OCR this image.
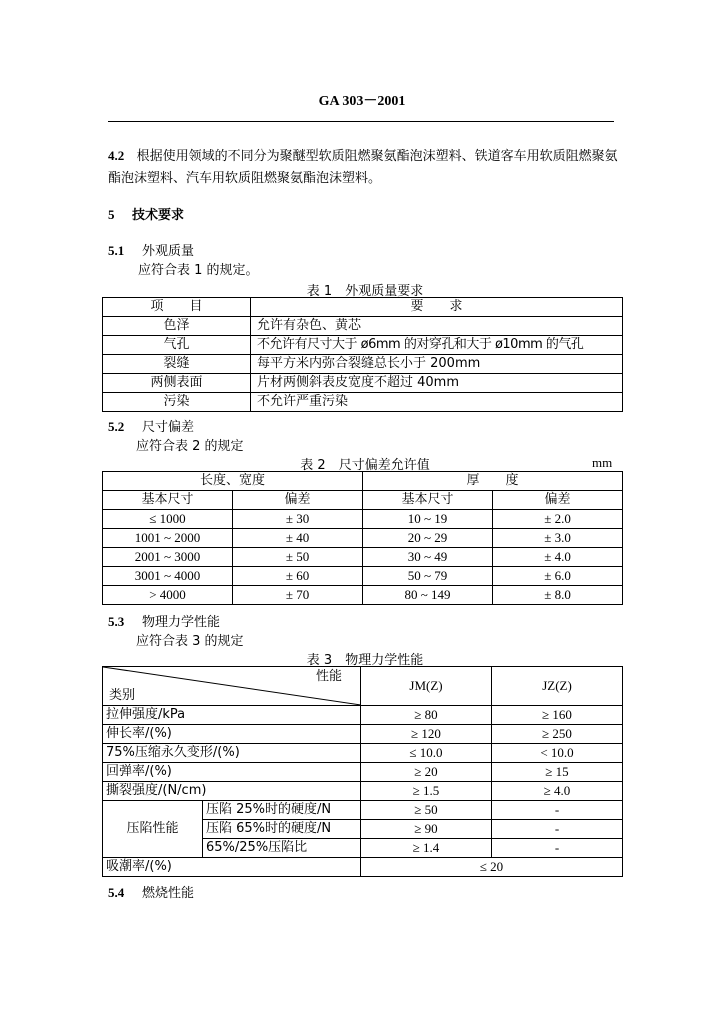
GA 303－2001
4.2 根据使用领域的不同分为聚醚型软质阻燃聚氨酯泡沫塑料、铁道客车用软质阻燃聚氨酯泡沫塑料、汽车用软质阻燃聚氨酯泡沫塑料。
5 技术要求
5.1 外观质量
应符合表 1 的规定。
表 1　外观质量要求
项　　目	要　　求
色泽	允许有杂色、黄芯
气孔	不允许有尺寸大于 ø6mm 的对穿孔和大于 ø10mm 的气孔
裂缝	每平方米内弥合裂缝总长小于 200mm
两侧表面	片材两侧斜表皮宽度不超过 40mm
污染	不允许严重污染
5.2 尺寸偏差
应符合表 2 的规定
表 2　尺寸偏差允许值	mm
长度、宽度		厚　　度	
基本尺寸	偏差	基本尺寸	偏差
≤ 1000	± 30	10 ~ 19	± 2.0
1001 ~ 2000	± 40	20 ~ 29	± 3.0
2001 ~ 3000	± 50	30 ~ 49	± 4.0
3001 ~ 4000	± 60	50 ~ 79	± 6.0
> 4000	± 70	80 ~ 149	± 8.0
5.3 物理力学性能
应符合表 3 的规定
表 3　物理力学性能
性能
类别		JM(Z)	JZ(Z)
拉伸强度/kPa		≥ 80	≥ 160
伸长率/(%)		≥ 120	≥ 250
75%压缩永久变形/(%)		≤ 10.0	< 10.0
回弹率/(%)		≥ 20	≥ 15
撕裂强度/(N/cm)		≥ 1.5	≥ 4.0
压陷性能	压陷 25%时的硬度/N	≥ 50	-
	压陷 65%时的硬度/N	≥ 90	-
	65%/25%压陷比	≥ 1.4	-
吸潮率/(%)		≤ 20	
5.4 燃烧性能
